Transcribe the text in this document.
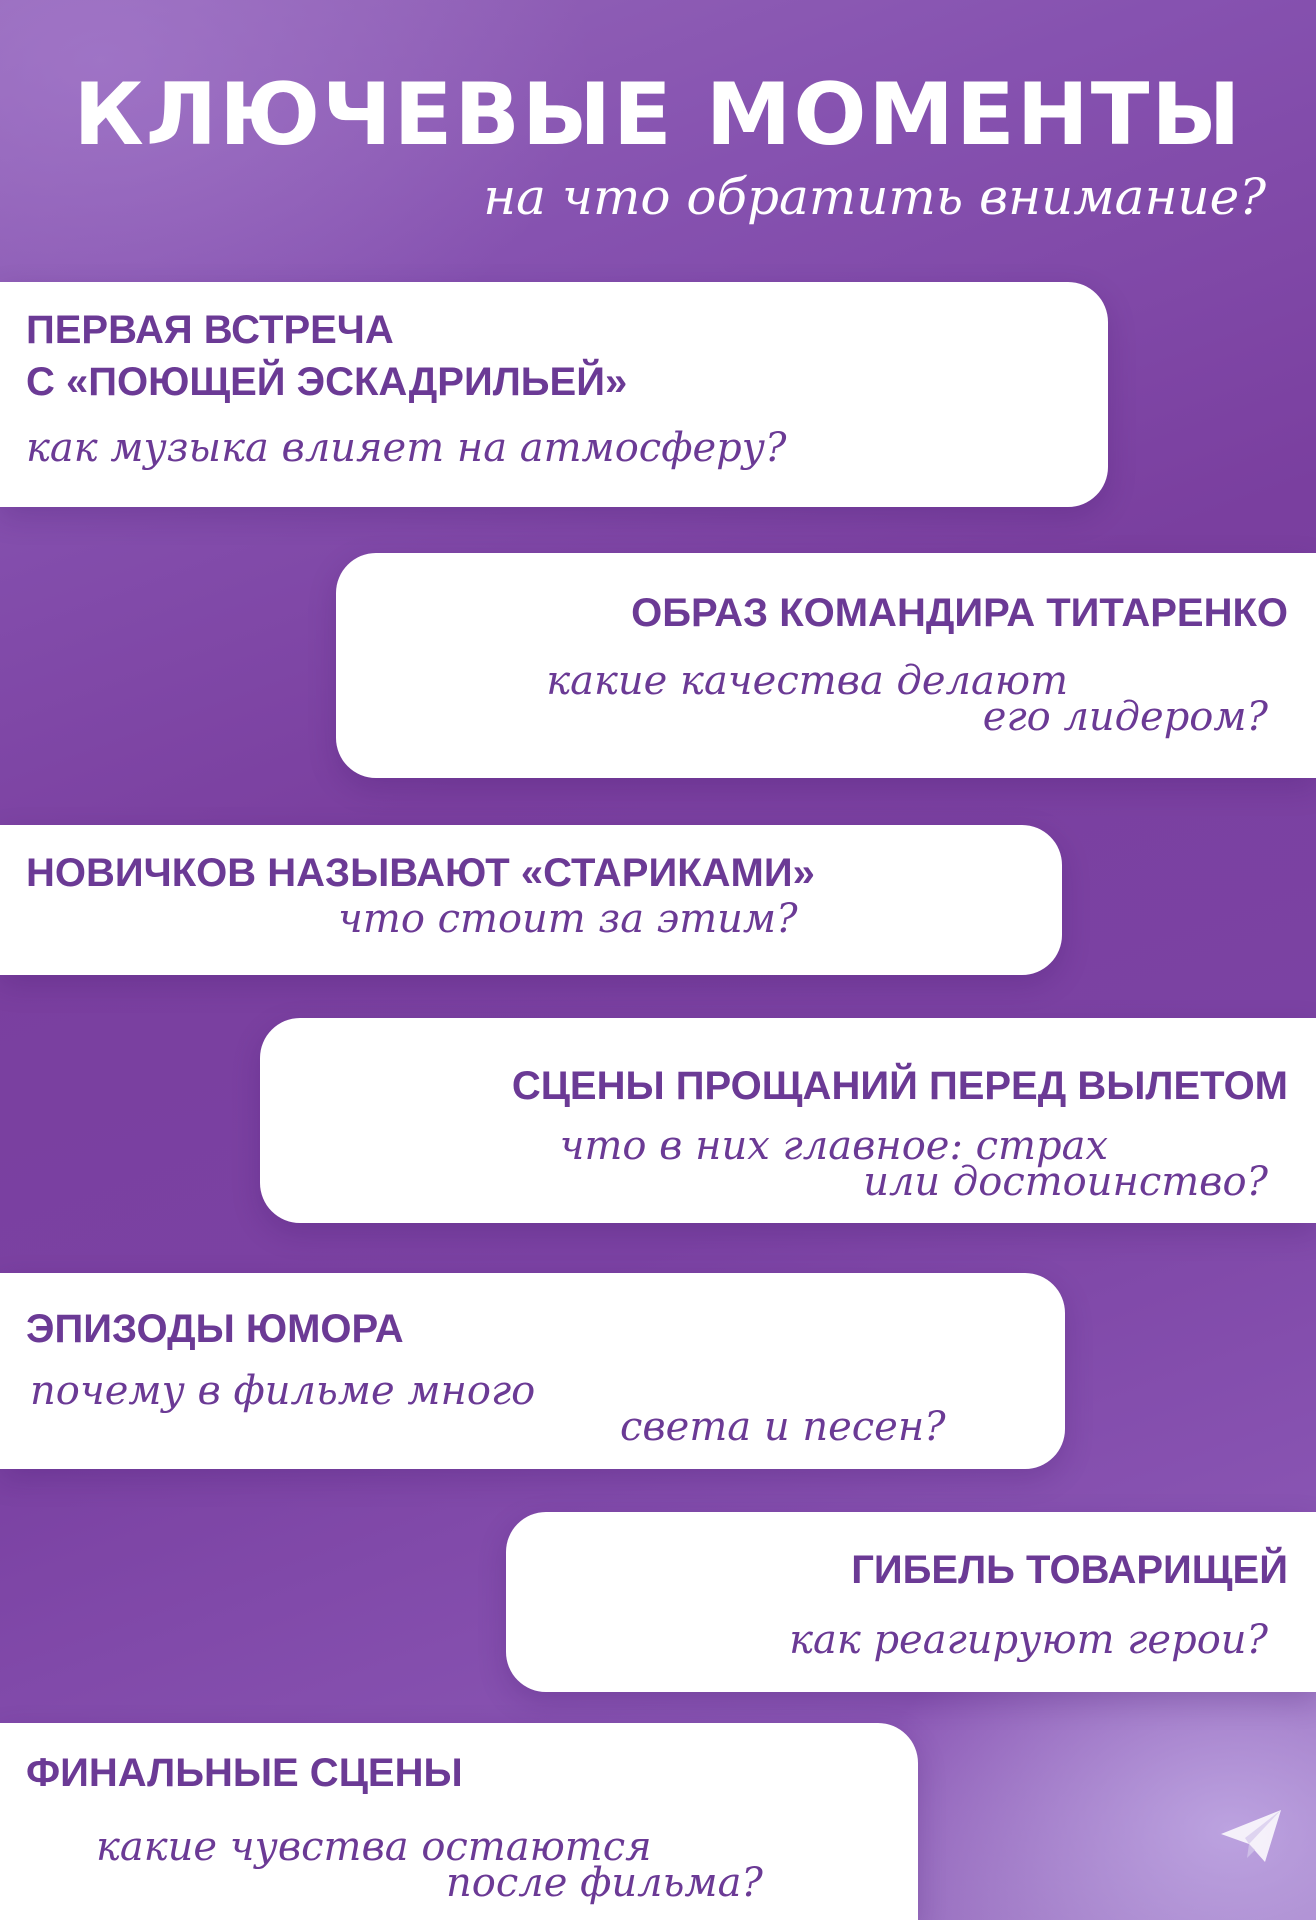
КЛЮЧЕВЫЕ МОМЕНТЫ
на что обратить внимание?
ПЕРВАЯ ВСТРЕЧА
С «ПОЮЩЕЙ ЭСКАДРИЛЬЕЙ»
как музыка влияет на атмосферу?
ОБРАЗ КОМАНДИРА ТИТАРЕНКО
какие качества делают
его лидером?
НОВИЧКОВ НАЗЫВАЮТ «СТАРИКАМИ»
что стоит за этим?
СЦЕНЫ ПРОЩАНИЙ ПЕРЕД ВЫЛЕТОМ
что в них главное: страх
или достоинство?
ЭПИЗОДЫ ЮМОРА
почему в фильме много
света и песен?
ГИБЕЛЬ ТОВАРИЩЕЙ
как реагируют герои?
ФИНАЛЬНЫЕ СЦЕНЫ
какие чувства остаются
после фильма?
